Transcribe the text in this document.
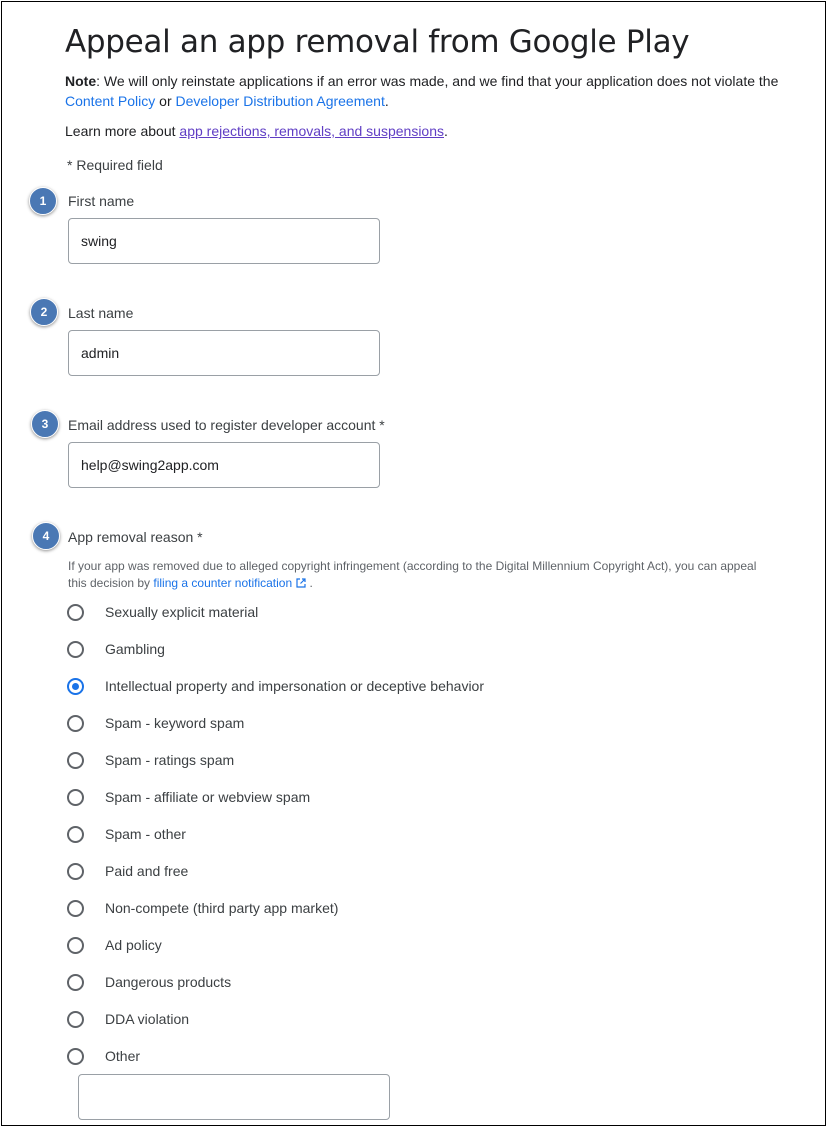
Appeal an app removal from Google Play
Note: We will only reinstate applications if an error was made, and we find that your application does not violate the Content Policy or Developer Distribution Agreement.
Learn more about app rejections, removals, and suspensions.
* Required field
1	First name
swing
2	Last name
admin
3	Email address used to register developer account *
help@swing2app.com
4	App removal reason *
If your app was removed due to alleged copyright infringement (according to the Digital Millennium Copyright Act), you can appeal this decision by filing a counter notification .
Sexually explicit material
Gambling
Intellectual property and impersonation or deceptive behavior
Spam - keyword spam
Spam - ratings spam
Spam - affiliate or webview spam
Spam - other
Paid and free
Non-compete (third party app market)
Ad policy
Dangerous products
DDA violation
Other
